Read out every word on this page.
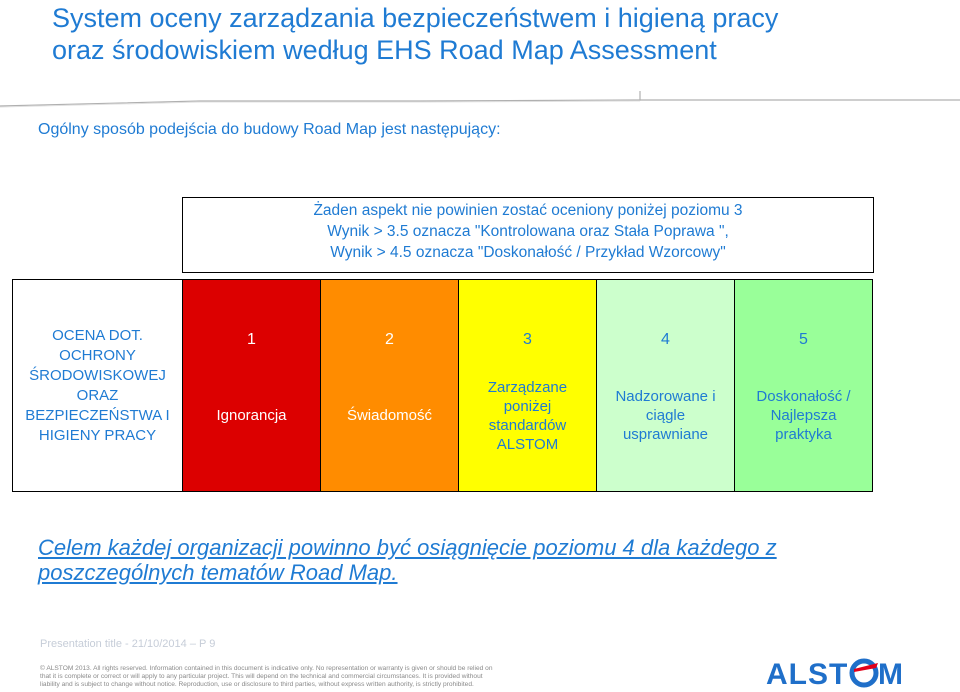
System oceny zarządzania bezpieczeństwem i higieną pracy
oraz środowiskiem według EHS Road Map Assessment
Ogólny sposób podejścia do budowy Road Map jest następujący:
Żaden aspekt nie powinien zostać oceniony poniżej poziomu 3
Wynik > 3.5 oznacza "Kontrolowana oraz Stała Poprawa ",
Wynik > 4.5 oznacza "Doskonałość / Przykład Wzorcowy"
OCENA DOT. OCHRONY ŚRODOWISKOWEJ ORAZ BEZPIECZEŃSTWA I HIGIENY PRACY
1
Ignorancja
2
Świadomość
3
Zarządzane poniżej standardów ALSTOM
4
Nadzorowane i ciągle usprawniane
5
Doskonałość / Najlepsza praktyka
Celem każdej organizacji powinno być osiągnięcie poziomu 4 dla każdego z
poszczególnych tematów Road Map.
Presentation title - 21/10/2014 – P 9
© ALSTOM 2013. All rights reserved. Information contained in this document is indicative only. No representation or warranty is given or should be relied on
that it is complete or correct or will apply to any particular project. This will depend on the technical and commercial circumstances. It is provided without
liability and is subject to change without notice. Reproduction, use or disclosure to third parties, without express written authority, is strictly prohibited.	ALST M
